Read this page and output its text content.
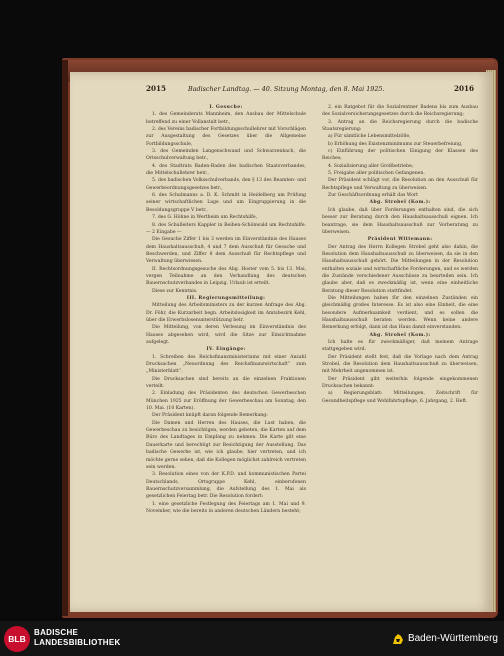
2015	Badischer Landtag. — 40. Sitzung Montag, den 8. Mai 1925.	2016

I. Gesuche:

1. des Gemeinderats Mannheim, den Ausbau der Mittelschule betreffend zu einer Vollanstalt betr.,

2. des Vereins badischer Fortbildungsschullehrer mit Vorschlägen zur Ausgestaltung des Gesetzes über die Allgemeine Fortbildungsschule,

3. des Gemeinden Langenschwand und Schwarzenbach, die Ortsschulverwaltung betr.,

4. des Stadtrats Baden-Baden des badischen Staatsverbandes, die Mittelschullehrer betr.,

5. des badischen Volksschulverbands, den § 13 des Beamten- und Gewerbeordnungsgesetzes betr.,

6. des Schulmanns a. D. K. Schmitt in Heidelberg um Prüfung seiner wirtschaftlichen Lage und um Eingruppierung in die Besoldungsgruppe V betr.,

7. des G. Höhne in Wertheim um Rechtshilfe,

8. des Schulleiters Kappler in Beihen-Schönwald um Rechtshilfe. — 2 Eingabe —

Die Gesuche Ziffer 1 bis 3 werden im Einverständnis des Hauses dem Haushaltsausschuß, 4 und 7 dem Ausschuß für Gesuche und Beschwerden, und Ziffer 8 dem Ausschuß für Rechtspflege und Verwaltung überwiesen.

II. Rechtsordnungsgesuche des Abg. Hoster vom 5. bis 13. Mai, vergen Teilnahme an den Verhandlung des deutschen Bauernschutzverbandes in Leipzig. Urlaub ist erteilt.

Diese zur Kenntnis.

III. Regierungsmitteilung:

Mitteilung des Arbeitsministers zu der kurzen Anfrage des Abg. Dr. Föhr, die Kurzarbeit begn. Arbeitslosigkeit im Amtsbezirk Kehl, über die Erwerbslosenunterstützung betr.

Die Mitteilung, von deren Verlesung im Einverständnis des Hauses abgesehen wird, wird die Sitze zur Einsichtnahme aufgelegt.

IV. Eingänge:

1. Schreiben des Reichsfinanzministeriums mit einer Anzahl Drucksachen „Neuordnung des Reichsfinanzwirtschaft“ zum „Ministerblatt“.

Die Drucksachen sind bereits an die einzelnen Fraktionen verteilt.

2. Einladung des Präsidenten des deutschen Gewerbeschen München 1925 zur Eröffnung der Gewerbeschau am Sonntag, den 10. Mai. (10 Karten).

Der Präsident knüpft daran folgende Bemerkung:

Die Damen und Herren des Hauses, die Lust haben, die Gewerbeschau zu besichtigen, werden gebeten, die Karten auf dem Büro des Landtages in Empfang zu nehmen. Die Karte gilt eine Dauerkarte und berechtigt zur Besichtigung der Ausstellung. Das badische Gewerbe ist, wie ich glaube, hier vertreten, und ich möchte gerne sehen, daß die Kollegen möglichst zahlreich vertreten sein werden.

3. Resolution eines von der K.P.D. und kommunistischen Partei Deutschlands, Ortsgruppe Kehl, einberufenen Bauernschutzversammlung, die Aufstellung des 1. Mai als gesetzlichen Feiertag betr. Die Resolution fordert:

1. eine gesetzliche Festlegung des Feiertags am 1. Mai und 9. November, wie die bereits in anderen deutschen Ländern besteht;

2. ein Ratgebot für die Sozialrentner Badens bis zum Ausbau des Sozialversicherungsgesetzes durch die Reichsregierung;

3. Antrag an die Reichsregierung durch die badische Staatsregierung:

a) Für sämtliche Lebensmittelzölle,

b) Erhöhung des Existenzminimums zur Steuerbefreiung,

c) Einführung der politischen Einigung der Klassen des Reiches;

4. Sozialisierung aller Großbetriebe;

5. Freigabe aller politischen Gefangenen.

Der Präsident schlägt vor, die Resolution an den Ausschuß für Rechtspflege und Verwaltung zu überweisen.

Zur Geschäftsordnung erhält das Wort

Abg. Strobel (Kom.):

Ich glaube, daß über Forderungen enthalten sind, die sich besser zur Beratung durch den Haushaltsausschuß eignen. Ich beantrage, sie dem Haushaltsausschuß zur Vorberatung zu überweisen.

Präsident Wittemann:

Der Antrag des Herrn Kollegen Strobel geht also dahin, die Resolution dem Haushaltsausschuß zu überweisen, da sie in den Haushaltsausschuß gehört. Die Mitteilungen in der Resolution enthalten soziale und wirtschaftliche Forderungen, und es werden die Zustände verschiedener Ausschüsse zu beurteilen sein. Ich glaube aber, daß es zweckmäßig ist, wenn eine einheitliche Beratung dieser Resolution stattfindet.

Die Mitteilungen haben für den einzelnen Zuständen ein gleichmäßig großes Interesse. Es ist also eine Einheit, die eine besondere Aufmerksamkeit verdient, und es sollen die Haushaltsausschuß beraten werden. Wenn keine andere Bemerkung erfolgt, dann ist das Haus damit einverstanden.

Abg. Strobel (Kom.):

Ich halte es für zweckmäßiger, daß meinem Antrage stattgegeben wird.

Der Präsident stellt fest, daß die Vorlage nach dem Antrag Strobel, die Resolution dem Haushaltsausschuß zu überweisen, mit Mehrheit angenommen ist.

Der Präsident gibt weiterhin folgende eingekommenen Drucksachen bekannt:

a) Regierungsblatt: Mitteilungen, Zeitschrift für Gesundheitspflege und Wohlfahrtspflege, 6. Jahrgang, 2. Heft.

BLB
BADISCHE
LANDESBIBLIOTHEK	Baden-Württemberg
